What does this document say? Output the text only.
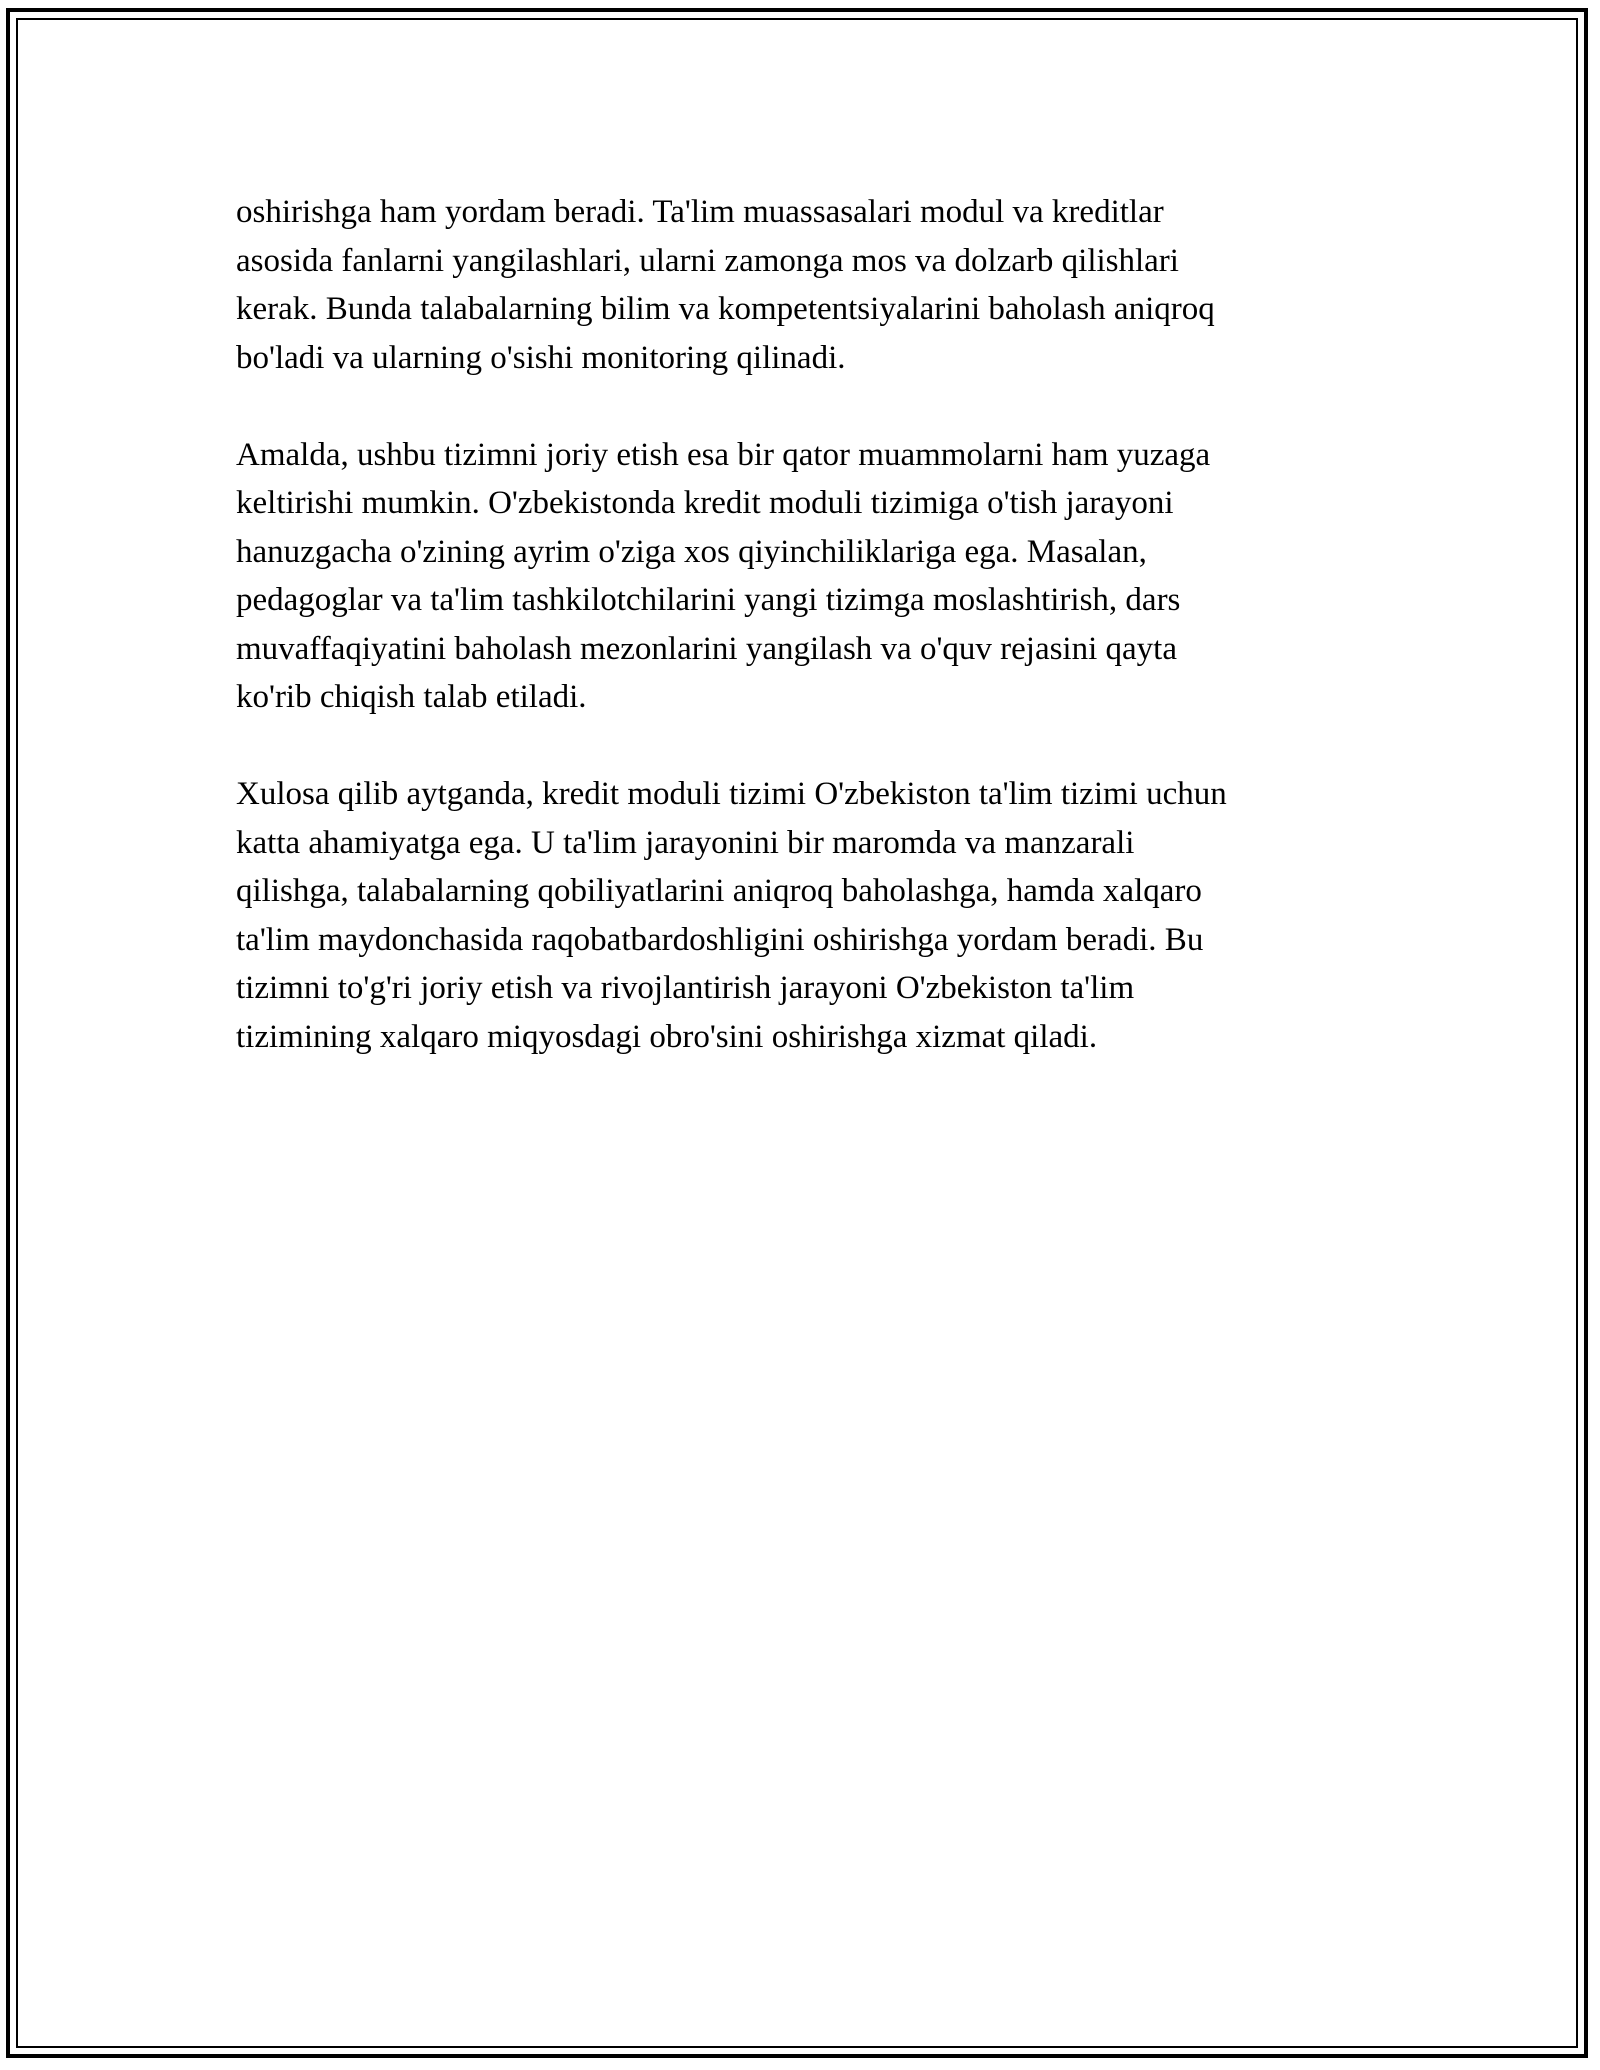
oshirishga ham yordam beradi. Ta'lim muassasalari modul va kreditlar
asosida fanlarni yangilashlari, ularni zamonga mos va dolzarb qilishlari
kerak. Bunda talabalarning bilim va kompetentsiyalarini baholash aniqroq
bo'ladi va ularning o'sishi monitoring qilinadi.

Amalda, ushbu tizimni joriy etish esa bir qator muammolarni ham yuzaga
keltirishi mumkin. O'zbekistonda kredit moduli tizimiga o'tish jarayoni
hanuzgacha o'zining ayrim o'ziga xos qiyinchiliklariga ega. Masalan,
pedagoglar va ta'lim tashkilotchilarini yangi tizimga moslashtirish, dars
muvaffaqiyatini baholash mezonlarini yangilash va o'quv rejasini qayta
ko'rib chiqish talab etiladi.

Xulosa qilib aytganda, kredit moduli tizimi O'zbekiston ta'lim tizimi uchun
katta ahamiyatga ega. U ta'lim jarayonini bir maromda va manzarali
qilishga, talabalarning qobiliyatlarini aniqroq baholashga, hamda xalqaro
ta'lim maydonchasida raqobatbardoshligini oshirishga yordam beradi. Bu
tizimni to'g'ri joriy etish va rivojlantirish jarayoni O'zbekiston ta'lim
tizimining xalqaro miqyosdagi obro'sini oshirishga xizmat qiladi.
